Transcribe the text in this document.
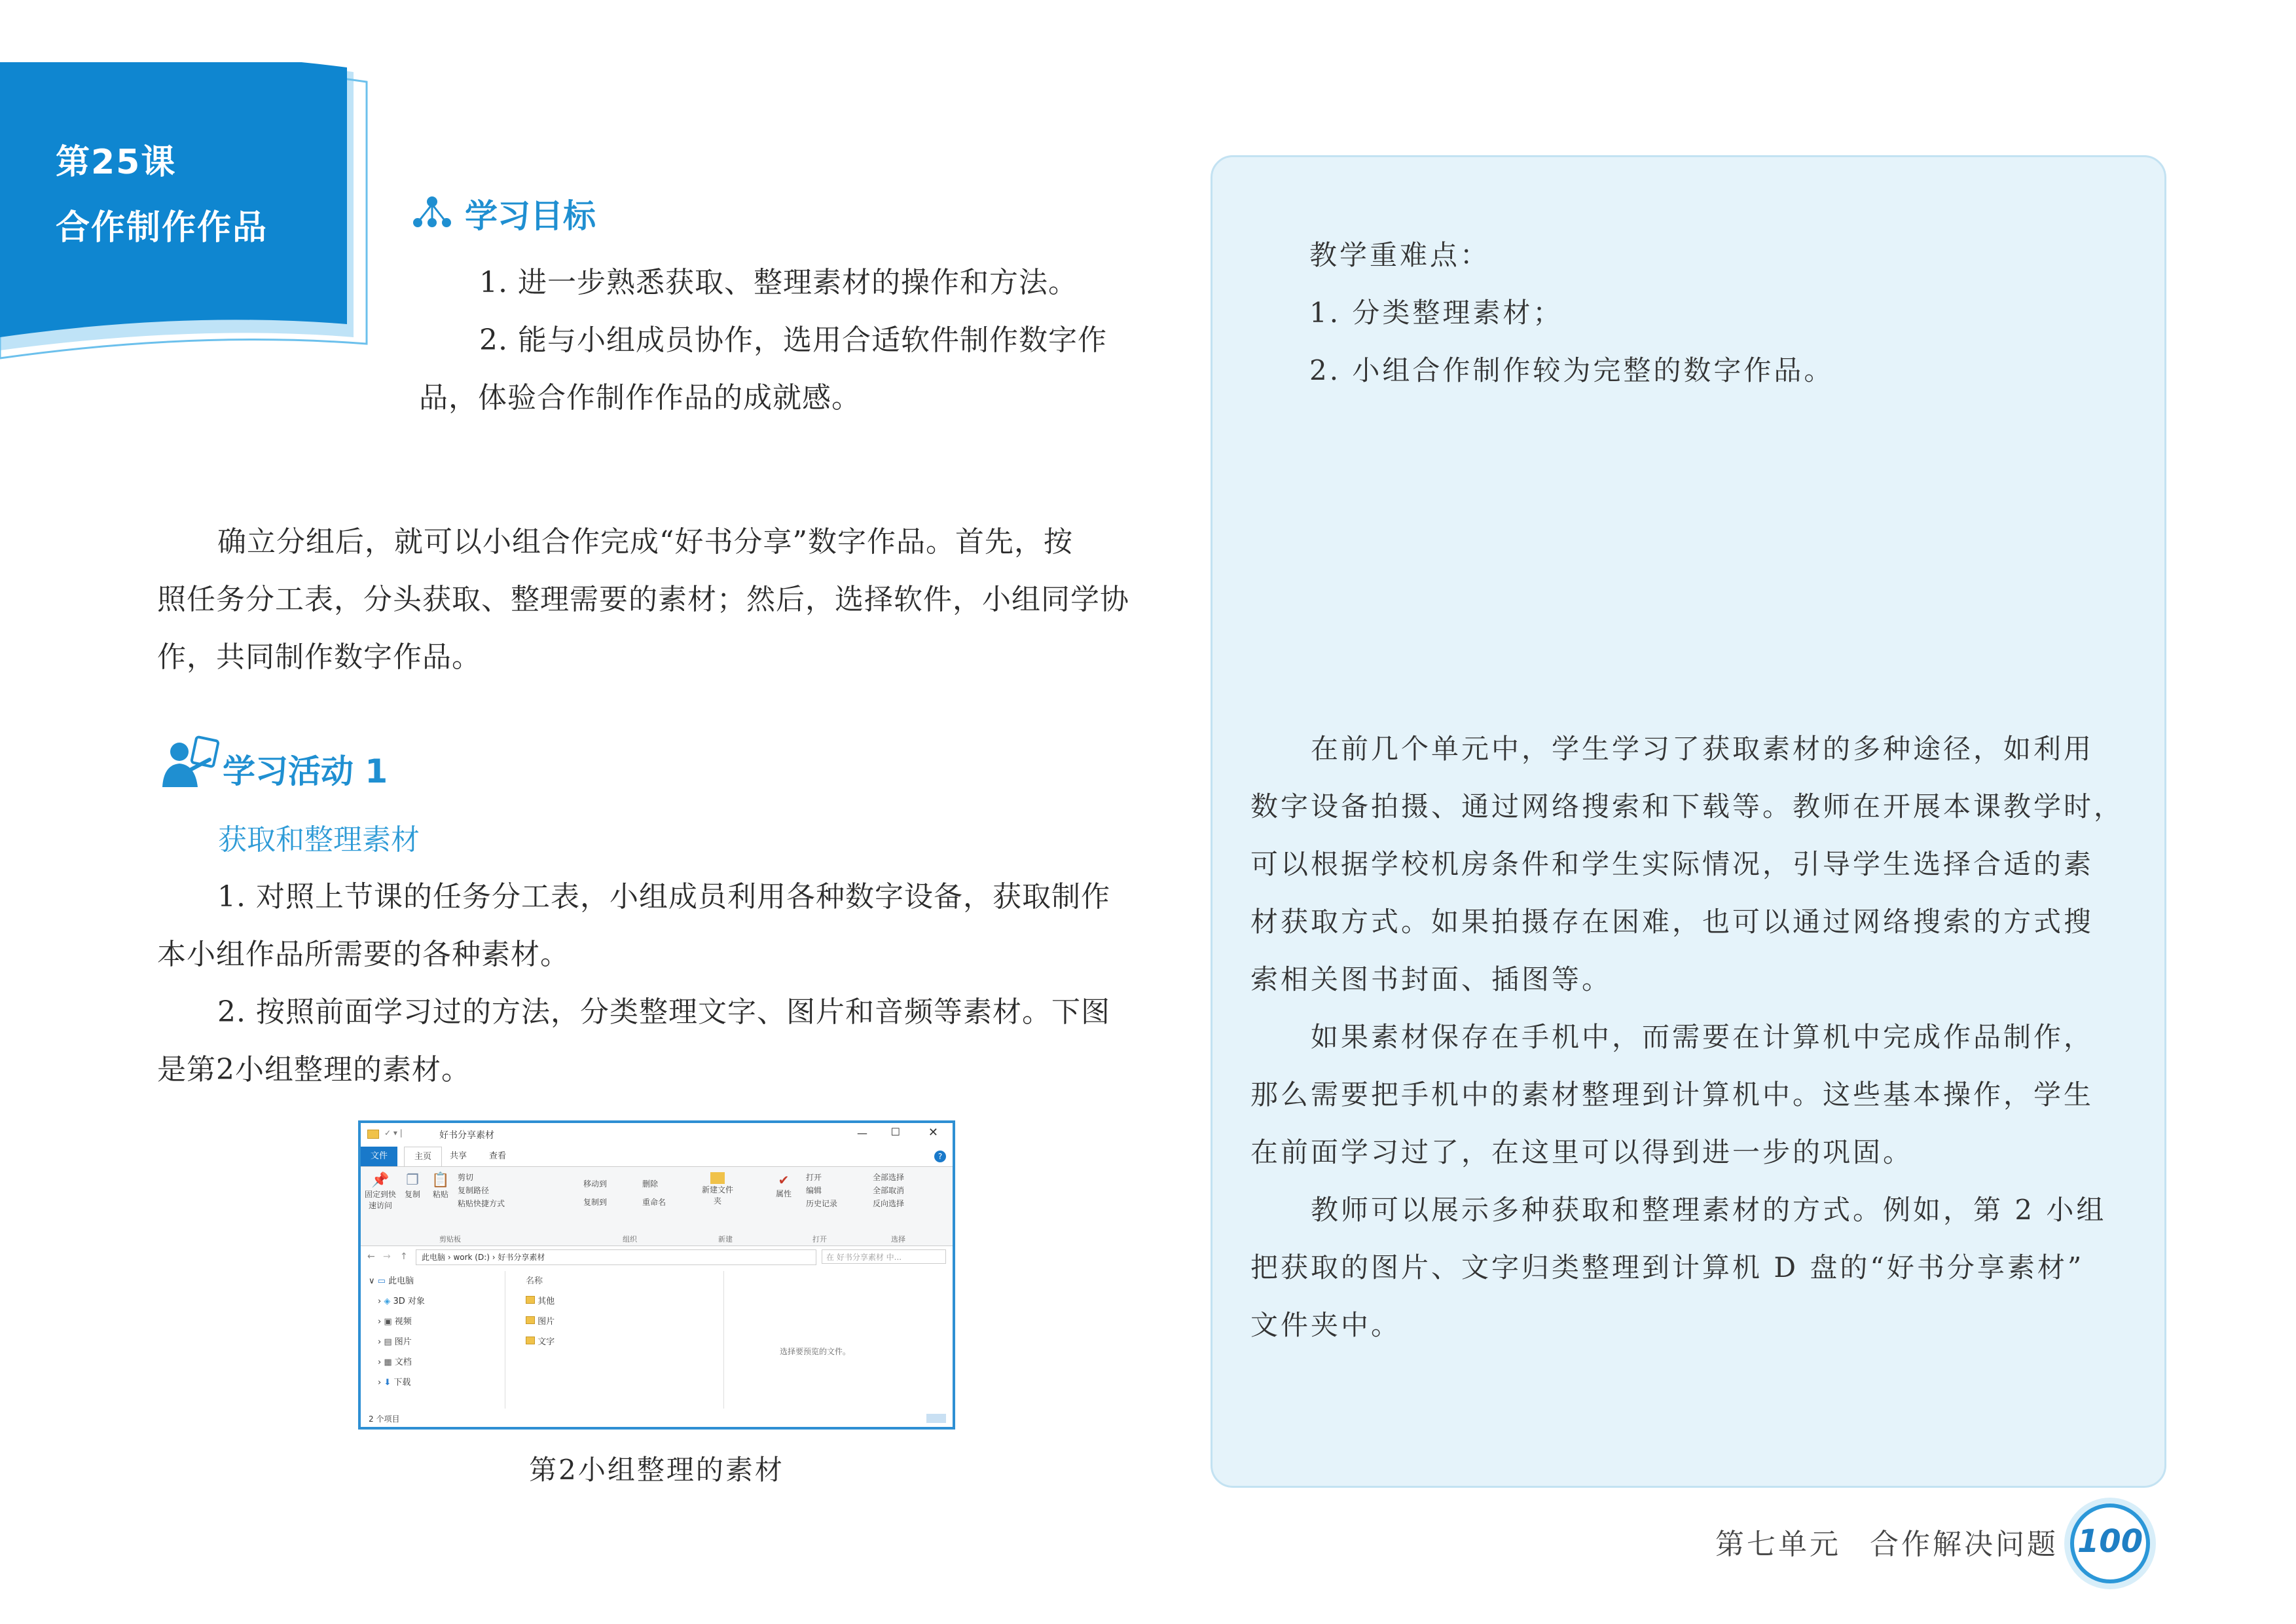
第25课
合作制作作品	学习目标
1. 进一步熟悉获取、整理素材的操作和方法。
2. 能与小组成员协作，选用合适软件制作数字作
品，体验合作制作作品的成就感。
确立分组后，就可以小组合作完成“好书分享”数字作品。首先，按
照任务分工表，分头获取、整理需要的素材；然后，选择软件，小组同学协
作，共同制作数字作品。
学习活动 1
获取和整理素材
1. 对照上节课的任务分工表，小组成员利用各种数字设备，获取制作
本小组作品所需要的各种素材。
2. 按照前面学习过的方法，分类整理文字、图片和音频等素材。下图
是第2小组整理的素材。
✓ ▾ |	好书分享素材	— ☐ ✕
文件	主页	共享	查看	?
📌
固定到快速访问
❐
复制
📋
粘贴
剪切
复制路径
粘贴快捷方式
移动到
复制到
删除
重命名
新建文件夹
✔
属性
打开
编辑
历史记录
全部选择
全部取消
反向选择
剪贴板	组织	新建	打开	选择
← → ↑	此电脑 › work (D:) › 好书分享素材	在 好书分享素材 中...
∨ ▭ 此电脑
› ◈ 3D 对象
› ▣ 视频
› ▤ 图片
› ▦ 文档
› ⬇ 下载
名称
其他
图片
文字
选择要预览的文件。
2 个项目
第2小组整理的素材
教学重难点：
1. 分类整理素材；
2. 小组合作制作较为完整的数字作品。
在前几个单元中，学生学习了获取素材的多种途径，如利用
数字设备拍摄、通过网络搜索和下载等。教师在开展本课教学时，
可以根据学校机房条件和学生实际情况，引导学生选择合适的素
材获取方式。如果拍摄存在困难，也可以通过网络搜索的方式搜
索相关图书封面、插图等。
如果素材保存在手机中，而需要在计算机中完成作品制作，
那么需要把手机中的素材整理到计算机中。这些基本操作，学生
在前面学习过了，在这里可以得到进一步的巩固。
教师可以展示多种获取和整理素材的方式。例如，第 2 小组
把获取的图片、文字归类整理到计算机 D 盘的“好书分享素材”
文件夹中。
第七单元 合作解决问题 100
